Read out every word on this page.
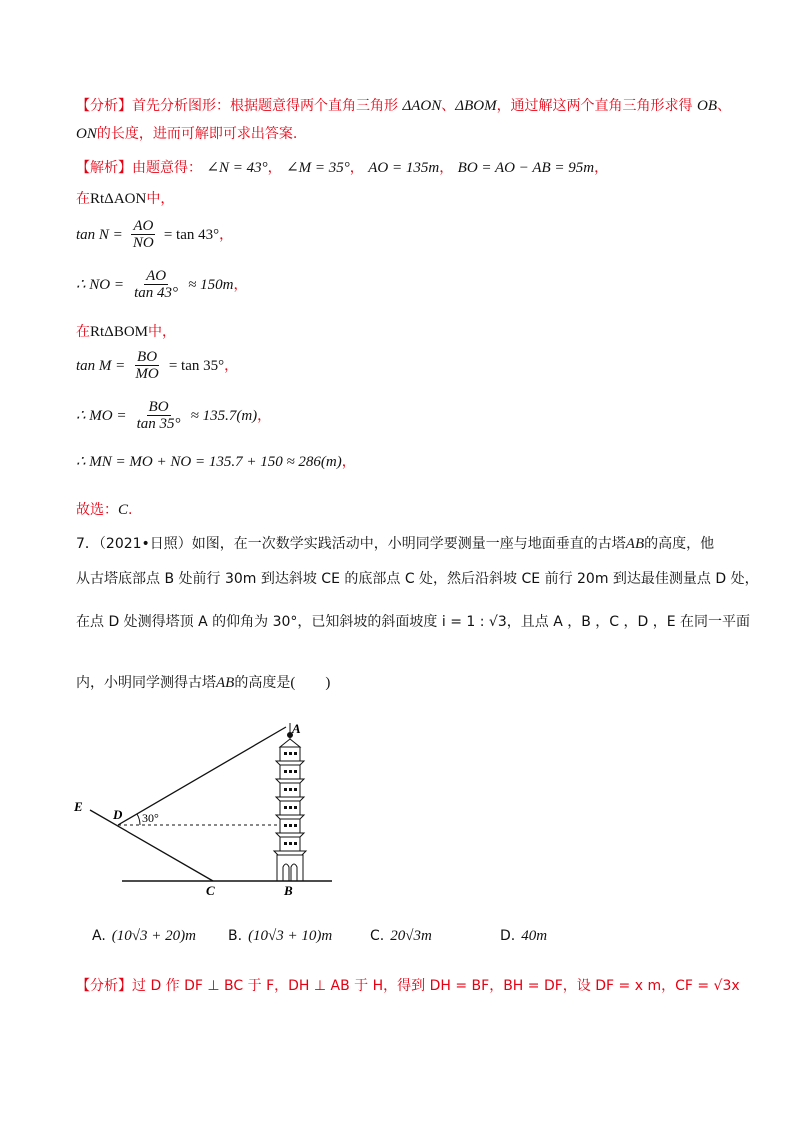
【分析】首先分析图形：根据题意得两个直角三角形 ΔAON、ΔBOM，通过解这两个直角三角形求得 OB、
ON的长度，进而可解即可求出答案.
【解析】由题意得： ∠N = 43°， ∠M = 35°， AO = 135m， BO = AO − AB = 95m，
在RtΔAON中，
$\tan N = \frac{AO}{NO} = \tan 43^\circ$，
∴ NO = $\frac{AO}{\tan 43^\circ} \approx 150m$，
在RtΔBOM中，
$\tan M = \frac{BO}{MO} = \tan 35^\circ$，
∴ MO = $\frac{BO}{\tan 35^\circ} \approx 135.7(m)$，
∴ MN = MO + NO = 135.7 + 150 ≈ 286(m)，
故选：C.
7．（2021•日照）如图，在一次数学实践活动中，小明同学要测量一座与地面垂直的古塔AB的高度，他
从古塔底部点 B 处前行 30m 到达斜坡 CE 的底部点 C 处，然后沿斜坡 CE 前行 20m 到达最佳测量点 D 处，
在点 D 处测得塔顶 A 的仰角为 30°，已知斜坡的斜面坡度 i = 1 : √3，且点 A ，B ，C ，D ，E 在同一平面
内，小明同学测得古塔AB的高度是(　　)
A
B
C
D
E
30°
A. (10√3 + 20)m B. (10√3 + 10)m	C. 20√3m	D. 40m
【分析】过 D 作 DF ⊥ BC 于 F，DH ⊥ AB 于 H，得到 DH = BF，BH = DF，设 DF = x m，CF = √3x
